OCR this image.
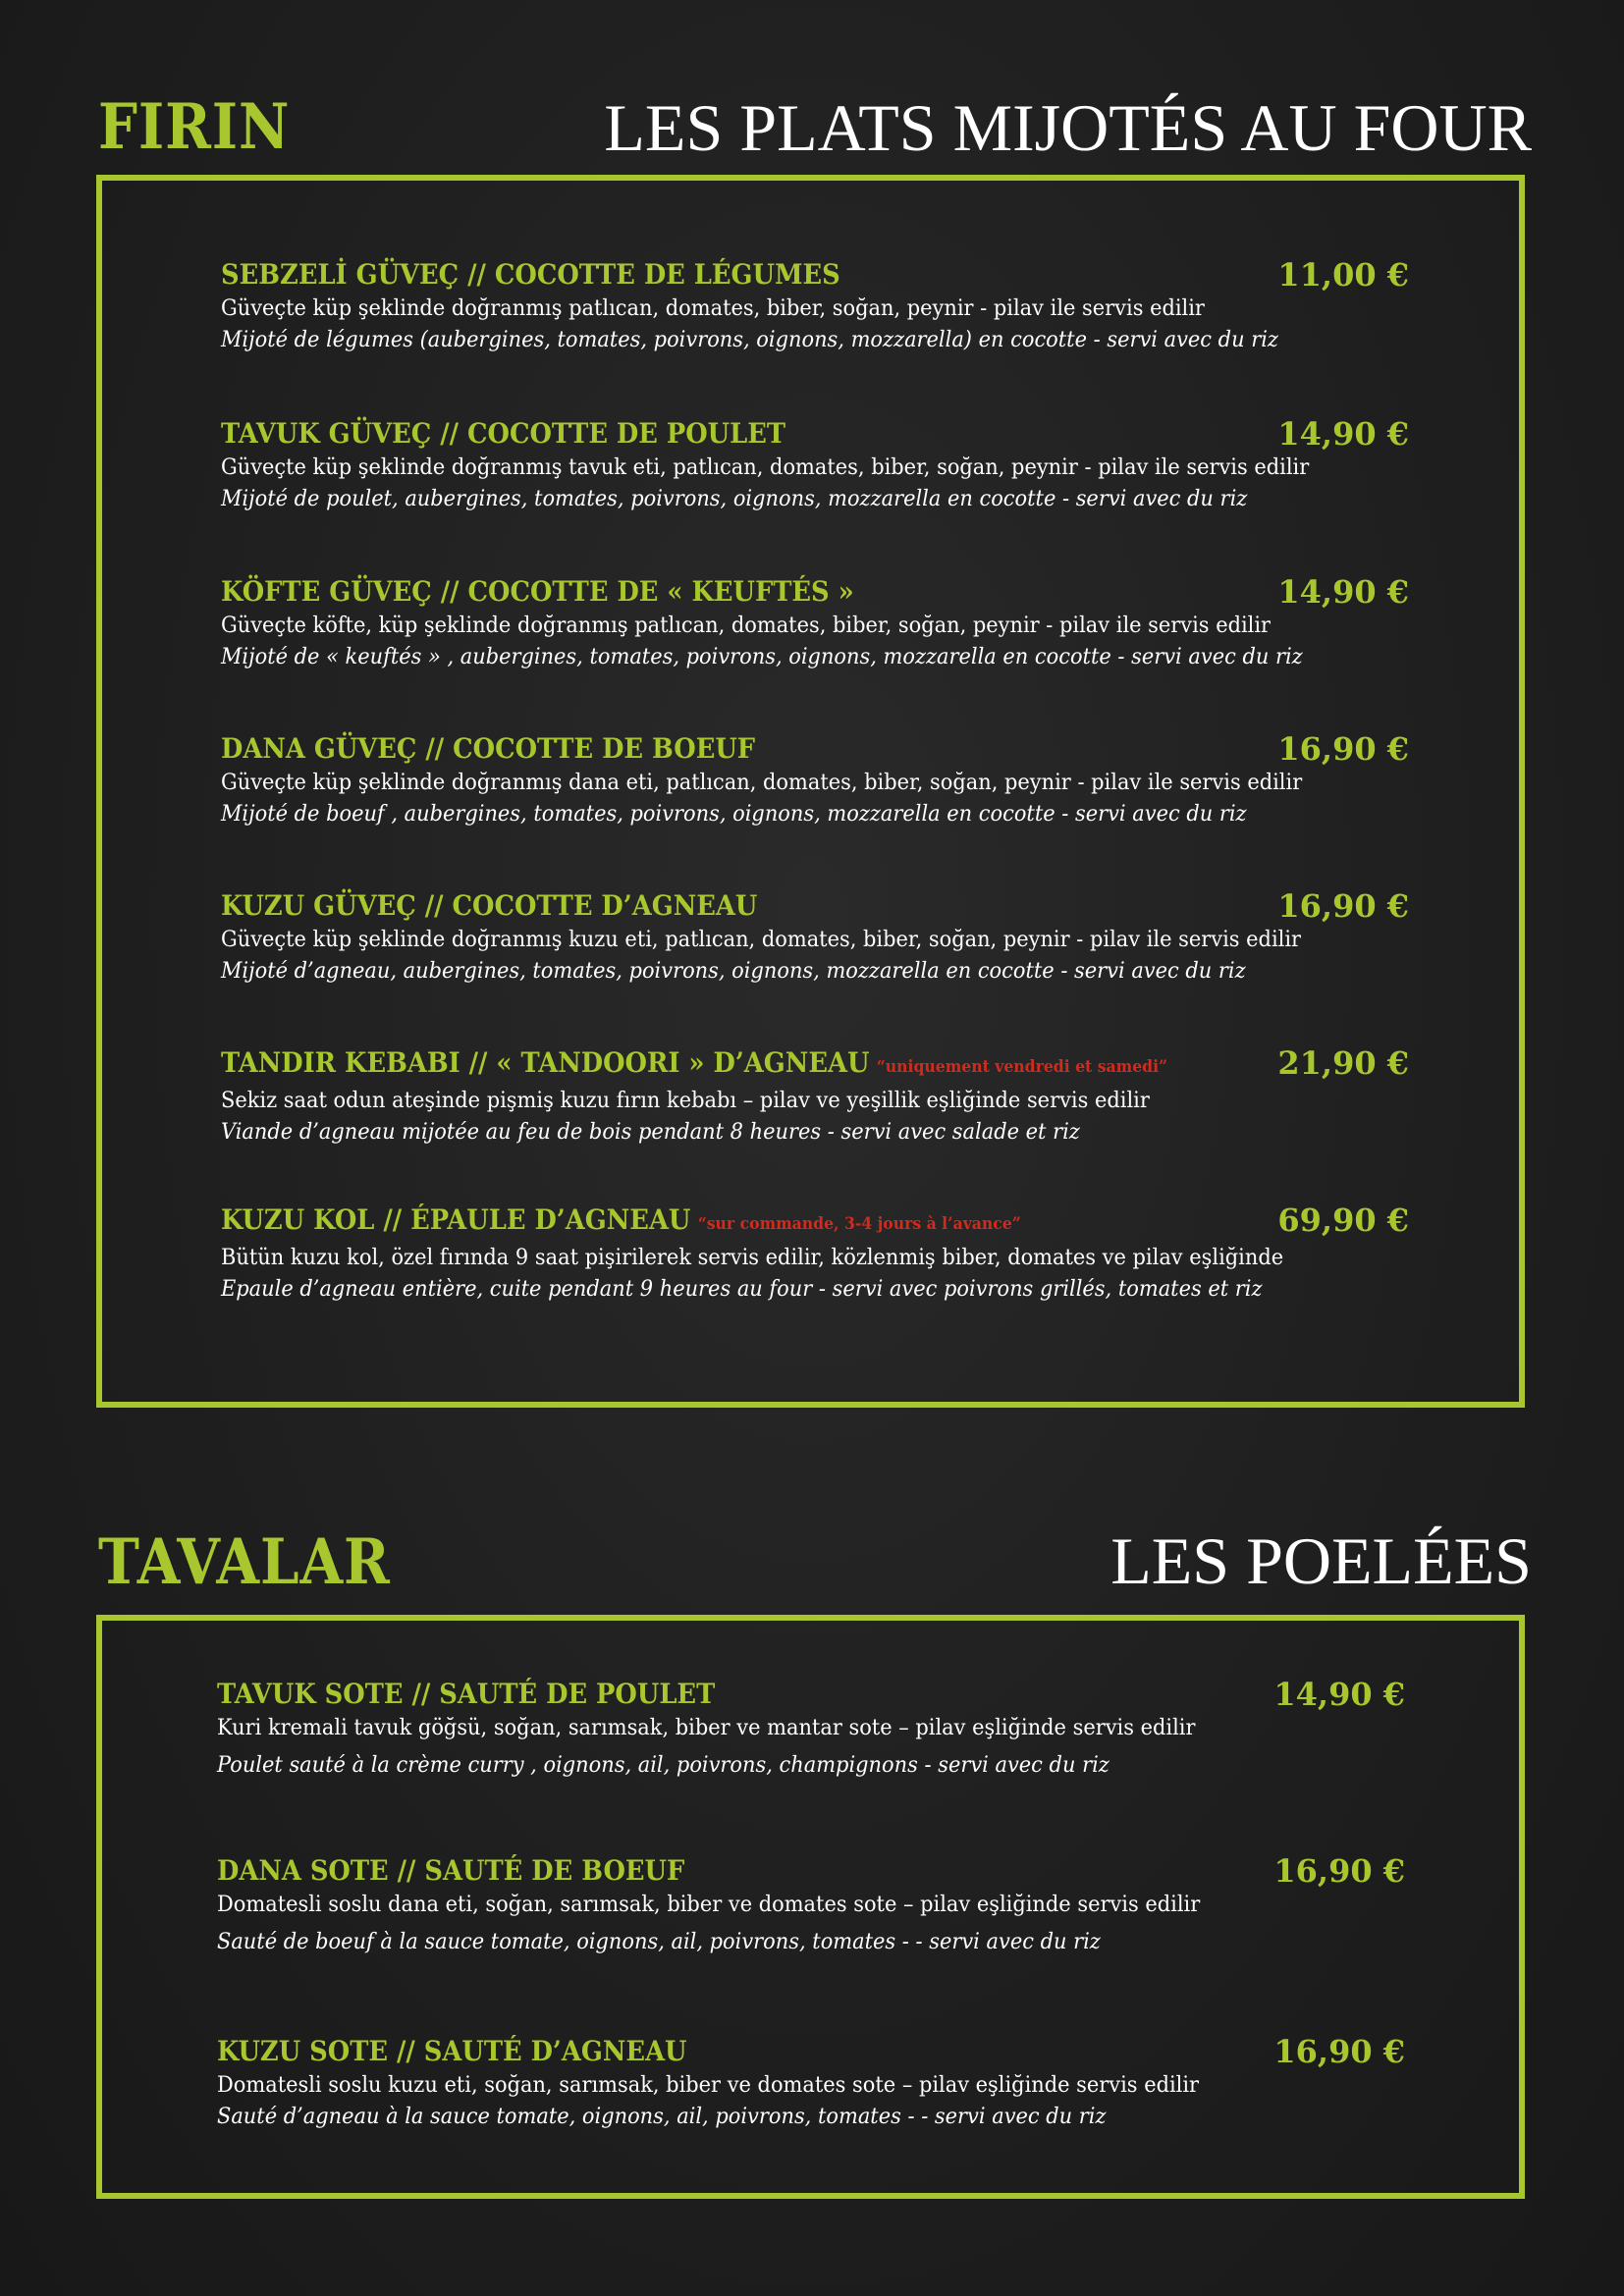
FIRIN	LES PLATS MIJOTÉS AU FOUR
SEBZELİ GÜVEÇ // COCOTTE DE LÉGUMES	11,00 €
Güveçte küp şeklinde doğranmış patlıcan, domates, biber, soğan, peynir - pilav ile servis edilir
Mijoté de légumes (aubergines, tomates, poivrons, oignons, mozzarella) en cocotte - servi avec du riz
TAVUK GÜVEÇ // COCOTTE DE POULET	14,90 €
Güveçte küp şeklinde doğranmış tavuk eti, patlıcan, domates, biber, soğan, peynir - pilav ile servis edilir
Mijoté de poulet, aubergines, tomates, poivrons, oignons, mozzarella en cocotte - servi avec du riz
KÖFTE GÜVEÇ // COCOTTE DE « KEUFTÉS »	14,90 €
Güveçte köfte, küp şeklinde doğranmış patlıcan, domates, biber, soğan, peynir - pilav ile servis edilir
Mijoté de « keuftés » , aubergines, tomates, poivrons, oignons, mozzarella en cocotte - servi avec du riz
DANA GÜVEÇ // COCOTTE DE BOEUF	16,90 €
Güveçte küp şeklinde doğranmış dana eti, patlıcan, domates, biber, soğan, peynir - pilav ile servis edilir
Mijoté de boeuf , aubergines, tomates, poivrons, oignons, mozzarella en cocotte - servi avec du riz
KUZU GÜVEÇ // COCOTTE D’AGNEAU	16,90 €
Güveçte küp şeklinde doğranmış kuzu eti, patlıcan, domates, biber, soğan, peynir - pilav ile servis edilir
Mijoté d’agneau, aubergines, tomates, poivrons, oignons, mozzarella en cocotte - servi avec du riz
TANDIR KEBABI // « TANDOORI » D’AGNEAU “uniquement vendredi et samedi”	21,90 €
Sekiz saat odun ateşinde pişmiş kuzu fırın kebabı – pilav ve yeşillik eşliğinde servis edilir
Viande d’agneau mijotée au feu de bois pendant 8 heures - servi avec salade et riz
KUZU KOL // ÉPAULE D’AGNEAU “sur commande, 3-4 jours à l’avance”	69,90 €
Bütün kuzu kol, özel fırında 9 saat pişirilerek servis edilir, közlenmiş biber, domates ve pilav eşliğinde
Epaule d’agneau entière, cuite pendant 9 heures au four - servi avec poivrons grillés, tomates et riz
TAVALAR	LES POELÉES
TAVUK SOTE // SAUTÉ DE POULET	14,90 €
Kuri kremali tavuk göğsü, soğan, sarımsak, biber ve mantar sote – pilav eşliğinde servis edilir
Poulet sauté à la crème curry , oignons, ail, poivrons, champignons - servi avec du riz
DANA SOTE // SAUTÉ DE BOEUF	16,90 €
Domatesli soslu dana eti, soğan, sarımsak, biber ve domates sote – pilav eşliğinde servis edilir
Sauté de boeuf à la sauce tomate, oignons, ail, poivrons, tomates - - servi avec du riz
KUZU SOTE // SAUTÉ D’AGNEAU	16,90 €
Domatesli soslu kuzu eti, soğan, sarımsak, biber ve domates sote – pilav eşliğinde servis edilir
Sauté d’agneau à la sauce tomate, oignons, ail, poivrons, tomates - - servi avec du riz
